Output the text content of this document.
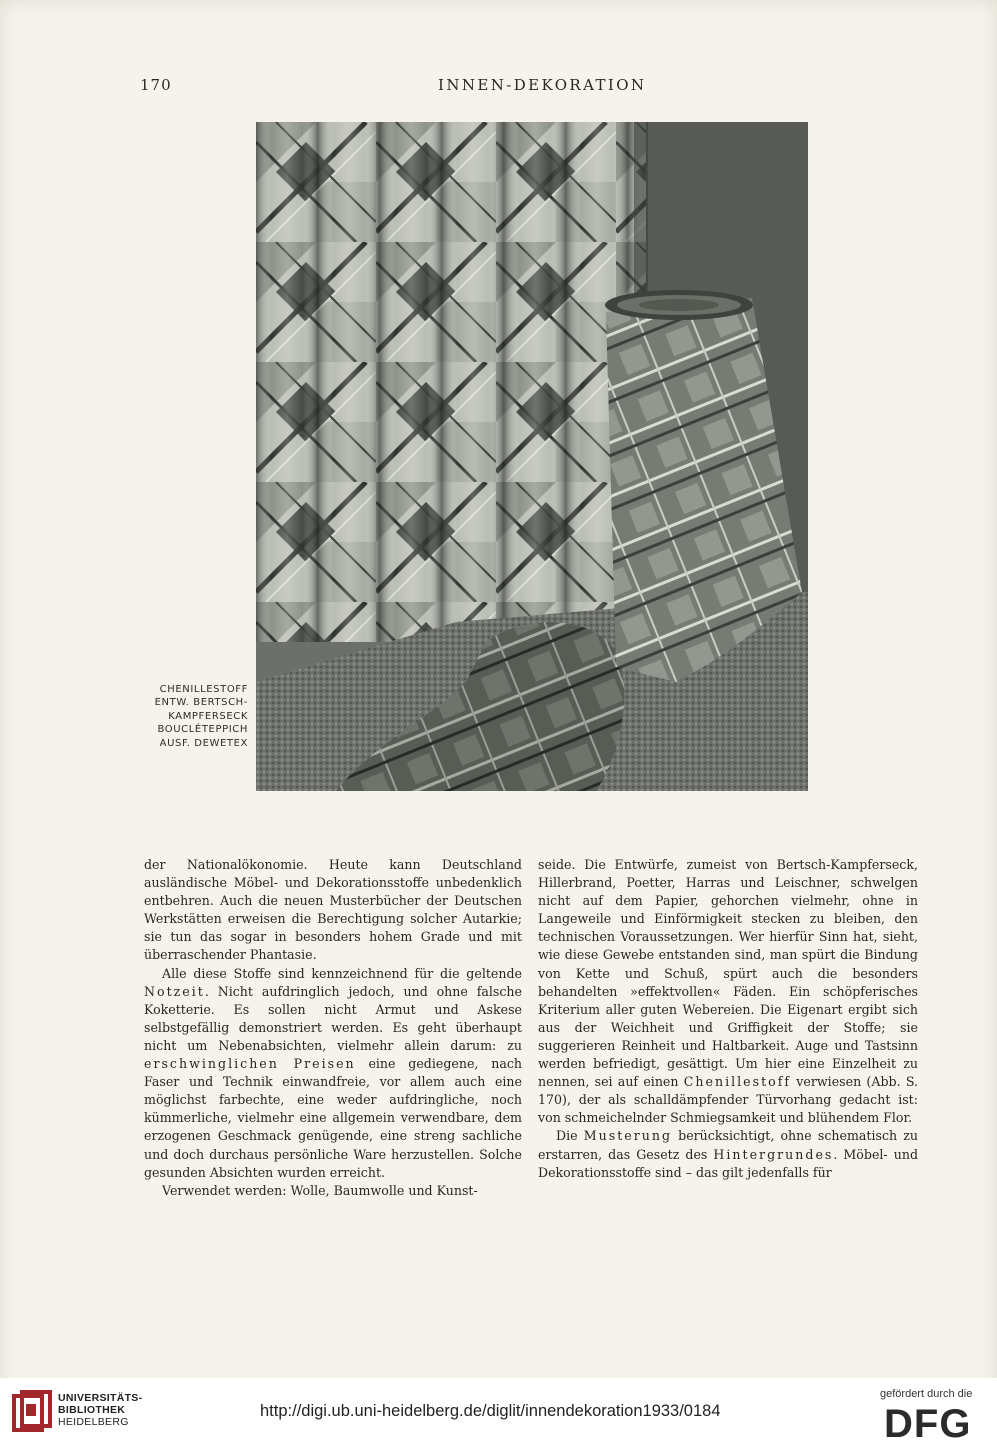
170	INNEN-DEKORATION
CHENILLESTOFF
ENTW. BERTSCH-
KAMPFERSECK
BOUCLÉTEPPICH
AUSF. DEWETEX

der Nationalökonomie. Heute kann Deutschland ausländische Möbel- und Dekorationsstoffe unbedenklich entbehren. Auch die neuen Musterbücher der Deutschen Werkstätten erweisen die Berechtigung solcher Autarkie; sie tun das sogar in besonders hohem Grade und mit überraschender Phantasie.

Alle diese Stoffe sind kennzeichnend für die geltende Notzeit. Nicht aufdringlich jedoch, und ohne falsche Koketterie. Es sollen nicht Armut und Askese selbstgefällig demonstriert werden. Es geht überhaupt nicht um Nebenabsichten, vielmehr allein darum: zu erschwinglichen Preisen eine gediegene, nach Faser und Technik einwandfreie, vor allem auch eine möglichst farbechte, eine weder aufdringliche, noch kümmerliche, vielmehr eine allgemein verwendbare, dem erzogenen Geschmack genügende, eine streng sachliche und doch durchaus persönliche Ware herzustellen. Solche gesunden Absichten wurden erreicht.

Verwendet werden: Wolle, Baumwolle und Kunst-

seide. Die Entwürfe, zumeist von Bertsch-Kampferseck, Hillerbrand, Poetter, Harras und Leischner, schwelgen nicht auf dem Papier, gehorchen vielmehr, ohne in Langeweile und Einförmigkeit stecken zu bleiben, den technischen Voraussetzungen. Wer hierfür Sinn hat, sieht, wie diese Gewebe entstanden sind, man spürt die Bindung von Kette und Schuß, spürt auch die besonders behandelten »effektvollen« Fäden. Ein schöpferisches Kriterium aller guten Webereien. Die Eigenart ergibt sich aus der Weichheit und Griffigkeit der Stoffe; sie suggerieren Reinheit und Haltbarkeit. Auge und Tastsinn werden befriedigt, gesättigt. Um hier eine Einzelheit zu nennen, sei auf einen Chenillestoff verwiesen (Abb. S. 170), der als schalldämpfender Türvorhang gedacht ist: von schmeichelnder Schmiegsamkeit und blühendem Flor.

Die Musterung berücksichtigt, ohne schematisch zu erstarren, das Gesetz des Hintergrundes. Möbel- und Dekorationsstoffe sind – das gilt jedenfalls für

UNIVERSITÄTS-
BIBLIOTHEK
HEIDELBERG
http://digi.ub.uni-heidelberg.de/diglit/innendekoration1933/0184
gefördert durch die
DFG
